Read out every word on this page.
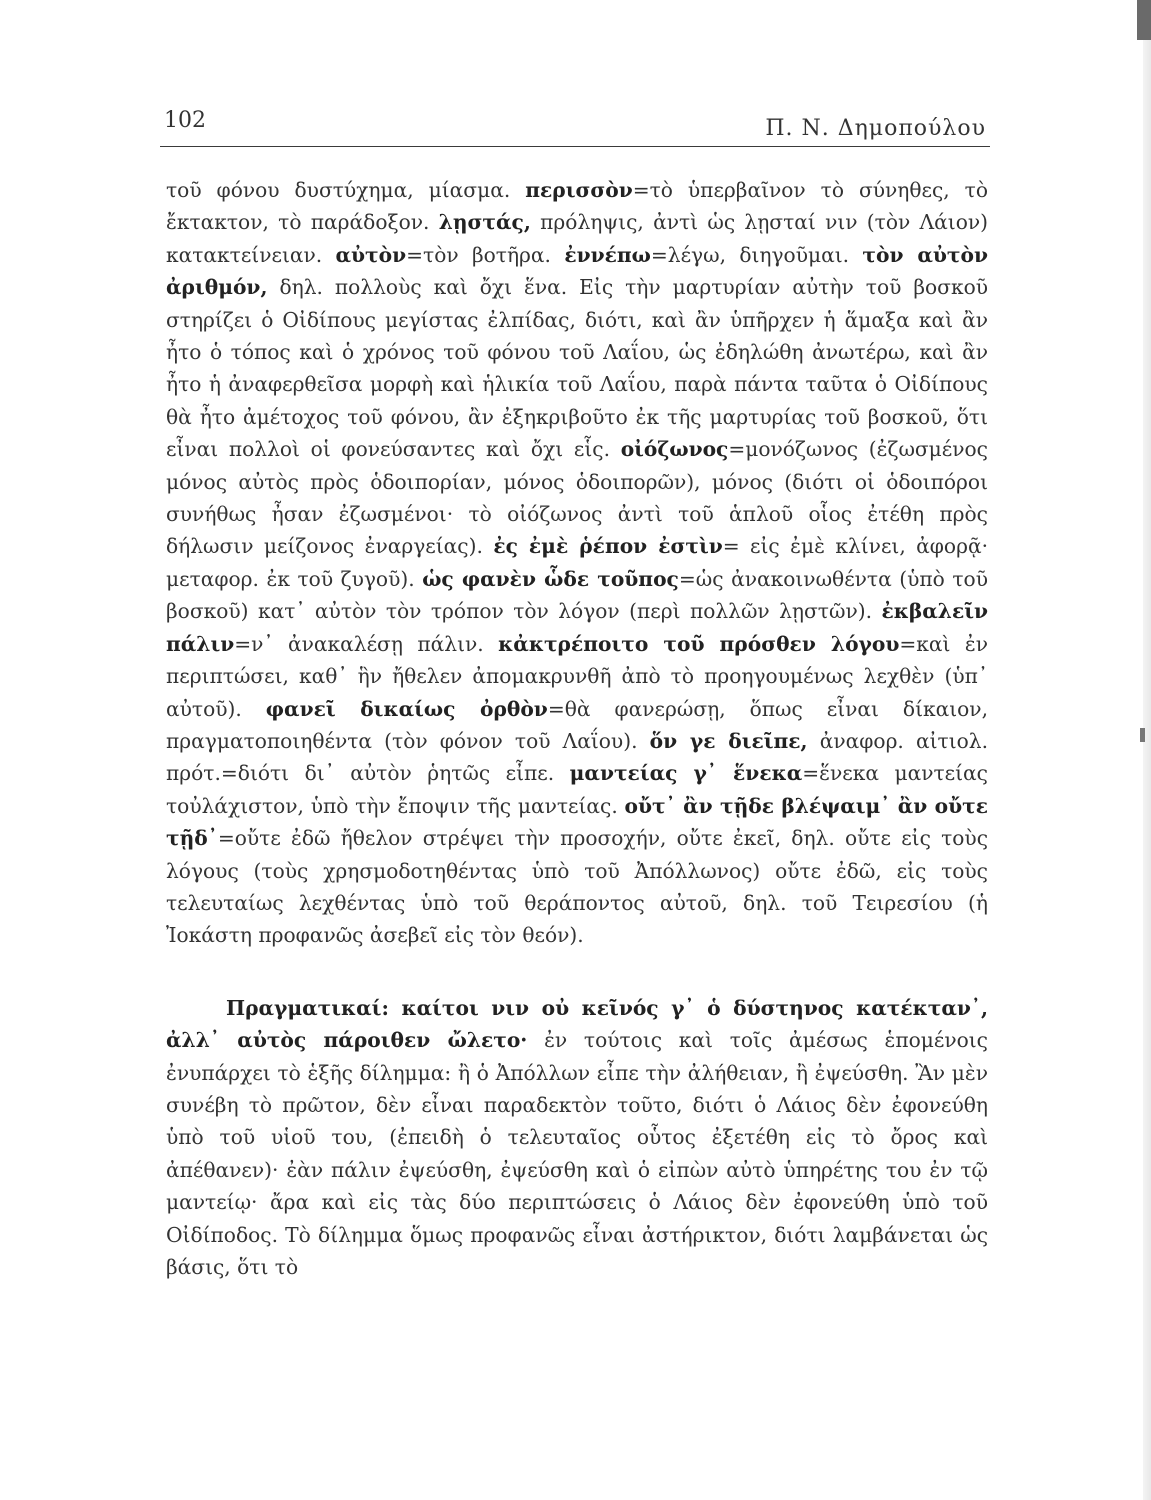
102	Π. Ν. Δημοπούλου

τοῦ φόνου δυστύχημα, μίασμα. περισσὸν=τὸ ὑπερβαῖνον τὸ σύνηθες, τὸ ἔκτακτον, τὸ παράδοξον. λῃστάς, πρόληψις, ἀντὶ ὡς λῃσταί νιν (τὸν Λάιον) κατακτείνειαν. αὐτὸν=τὸν βοτῆρα. ἐννέπω=λέγω, διηγοῦμαι. τὸν αὐτὸν ἀριθμόν, δηλ. πολλοὺς καὶ ὄχι ἕνα. Εἰς τὴν μαρτυρίαν αὐτὴν τοῦ βοσκοῦ στηρίζει ὁ Οἰδίπους μεγίστας ἐλπίδας, διότι, καὶ ἂν ὑπῆρχεν ἡ ἅμαξα καὶ ἂν ἦτο ὁ τόπος καὶ ὁ χρόνος τοῦ φόνου τοῦ Λαΐου, ὡς ἐδηλώθη ἀνωτέρω, καὶ ἂν ἦτο ἡ ἀναφερθεῖσα μορφὴ καὶ ἡλικία τοῦ Λαΐου, παρὰ πάντα ταῦτα ὁ Οἰδίπους θὰ ἦτο ἀμέτοχος τοῦ φόνου, ἂν ἐξηκριβοῦτο ἐκ τῆς μαρτυρίας τοῦ βοσκοῦ, ὅτι εἶναι πολλοὶ οἱ φονεύσαντες καὶ ὄχι εἷς. οἰόζωνος=μονόζωνος (ἐζωσμένος μόνος αὐτὸς πρὸς ὁδοιπορίαν, μόνος ὁδοιπορῶν), μόνος (διότι οἱ ὁδοιπόροι συνήθως ἦσαν ἐζωσμένοι· τὸ οἰόζωνος ἀντὶ τοῦ ἁπλοῦ οἷος ἐτέθη πρὸς δήλωσιν μείζονος ἐναργείας). ἐς ἐμὲ ῥέπον ἐστὶν= εἰς ἐμὲ κλίνει, ἀφορᾷ· μεταφορ. ἐκ τοῦ ζυγοῦ). ὡς φανὲν ὧδε τοῦπος=ὡς ἀνακοινωθέντα (ὑπὸ τοῦ βοσκοῦ) κατ᾽ αὐτὸν τὸν τρόπον τὸν λόγον (περὶ πολλῶν λῃστῶν). ἐκβαλεῖν πάλιν=ν᾽ ἀνακαλέσῃ πάλιν. κἀκτρέποιτο τοῦ πρόσθεν λόγου=καὶ ἐν περιπτώσει, καθ᾽ ἣν ἤθελεν ἀπομακρυνθῆ ἀπὸ τὸ προηγουμένως λεχθὲν (ὑπ᾽ αὐτοῦ). φανεῖ δικαίως ὀρθὸν=θὰ φανερώσῃ, ὅπως εἶναι δίκαιον, πραγματοποιηθέντα (τὸν φόνον τοῦ Λαΐου). ὅν γε διεῖπε, ἀναφορ. αἰτιολ. πρότ.=διότι δι᾽ αὐτὸν ῥητῶς εἶπε. μαντείας γ᾽ ἕνεκα=ἕνεκα μαντείας τοὐλάχιστον, ὑπὸ τὴν ἔποψιν τῆς μαντείας. οὔτ᾽ ἂν τῇδε βλέψαιμ᾽ ἂν οὔτε τῇδ᾽=οὔτε ἐδῶ ἤθελον στρέψει τὴν προσοχήν, οὔτε ἐκεῖ, δηλ. οὔτε εἰς τοὺς λόγους (τοὺς χρησμοδοτηθέντας ὑπὸ τοῦ Ἀπόλλωνος) οὔτε ἐδῶ, εἰς τοὺς τελευταίως λεχθέντας ὑπὸ τοῦ θεράποντος αὐτοῦ, δηλ. τοῦ Τειρεσίου (ἡ Ἰοκάστη προφανῶς ἀσεβεῖ εἰς τὸν θεόν).

Πραγματικαί: καίτοι νιν οὐ κεῖνός γ᾽ ὁ δύστηνος κατέκταν᾽, ἀλλ᾽ αὐτὸς πάροιθεν ὤλετο· ἐν τούτοις καὶ τοῖς ἀμέσως ἑπομένοις ἐνυπάρχει τὸ ἑξῆς δίλημμα: ἢ ὁ Ἀπόλλων εἶπε τὴν ἀλήθειαν, ἢ ἐψεύσθη. Ἂν μὲν συνέβη τὸ πρῶτον, δὲν εἶναι παραδεκτὸν τοῦτο, διότι ὁ Λάιος δὲν ἐφονεύθη ὑπὸ τοῦ υἱοῦ του, (ἐπειδὴ ὁ τελευταῖος οὗτος ἐξετέθη εἰς τὸ ὄρος καὶ ἀπέθανεν)· ἐὰν πάλιν ἐψεύσθη, ἐψεύσθη καὶ ὁ εἰπὼν αὐτὸ ὑπηρέτης του ἐν τῷ μαντείῳ· ἄρα καὶ εἰς τὰς δύο περιπτώσεις ὁ Λάιος δὲν ἐφονεύθη ὑπὸ τοῦ Οἰδίποδος. Τὸ δίλημμα ὅμως προφανῶς εἶναι ἀστήρικτον, διότι λαμβάνεται ὡς βάσις, ὅτι τὸ
